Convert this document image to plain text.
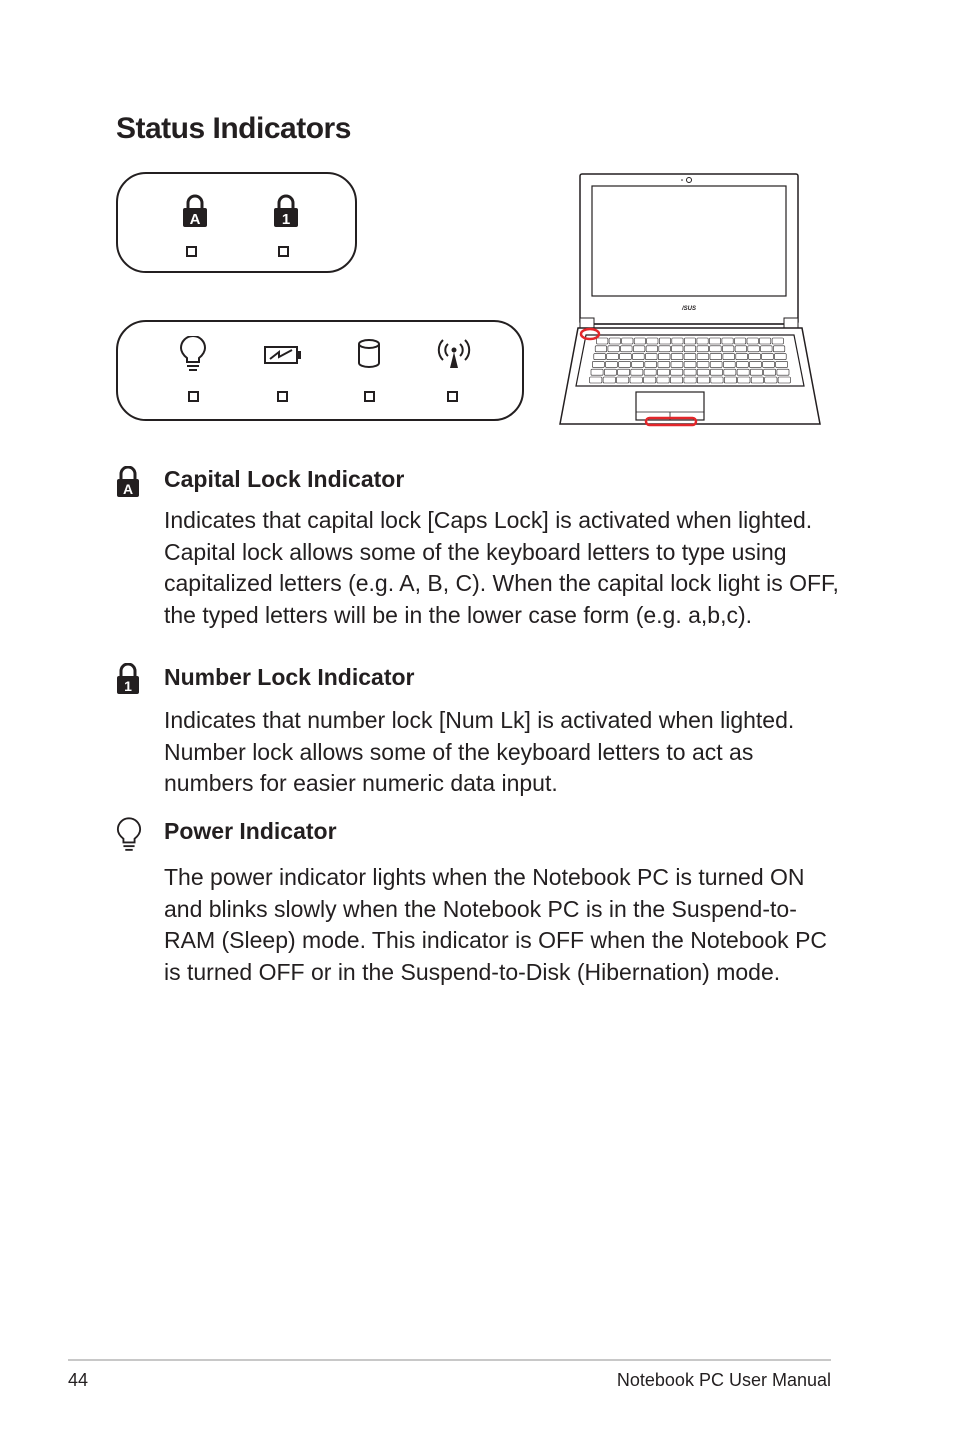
Status Indicators
A	1
/SUS
A Capital Lock Indicator

Indicates that capital lock [Caps Lock] is activated when lighted. Capital lock allows some of the keyboard letters to type using capitalized letters (e.g. A, B, C). When the capital lock light is OFF, the typed letters will be in the lower case form (e.g. a,b,c).

1 Number Lock Indicator

Indicates that number lock [Num Lk] is activated when lighted. Number lock allows some of the keyboard letters to act as numbers for easier numeric data input.

Power Indicator

The power indicator lights when the Notebook PC is turned ON and blinks slowly when the Notebook PC is in the Suspend-to-RAM (Sleep) mode. This indicator is OFF when the Notebook PC is turned OFF or in the Suspend-to-Disk (Hibernation) mode.

44	Notebook PC User Manual
